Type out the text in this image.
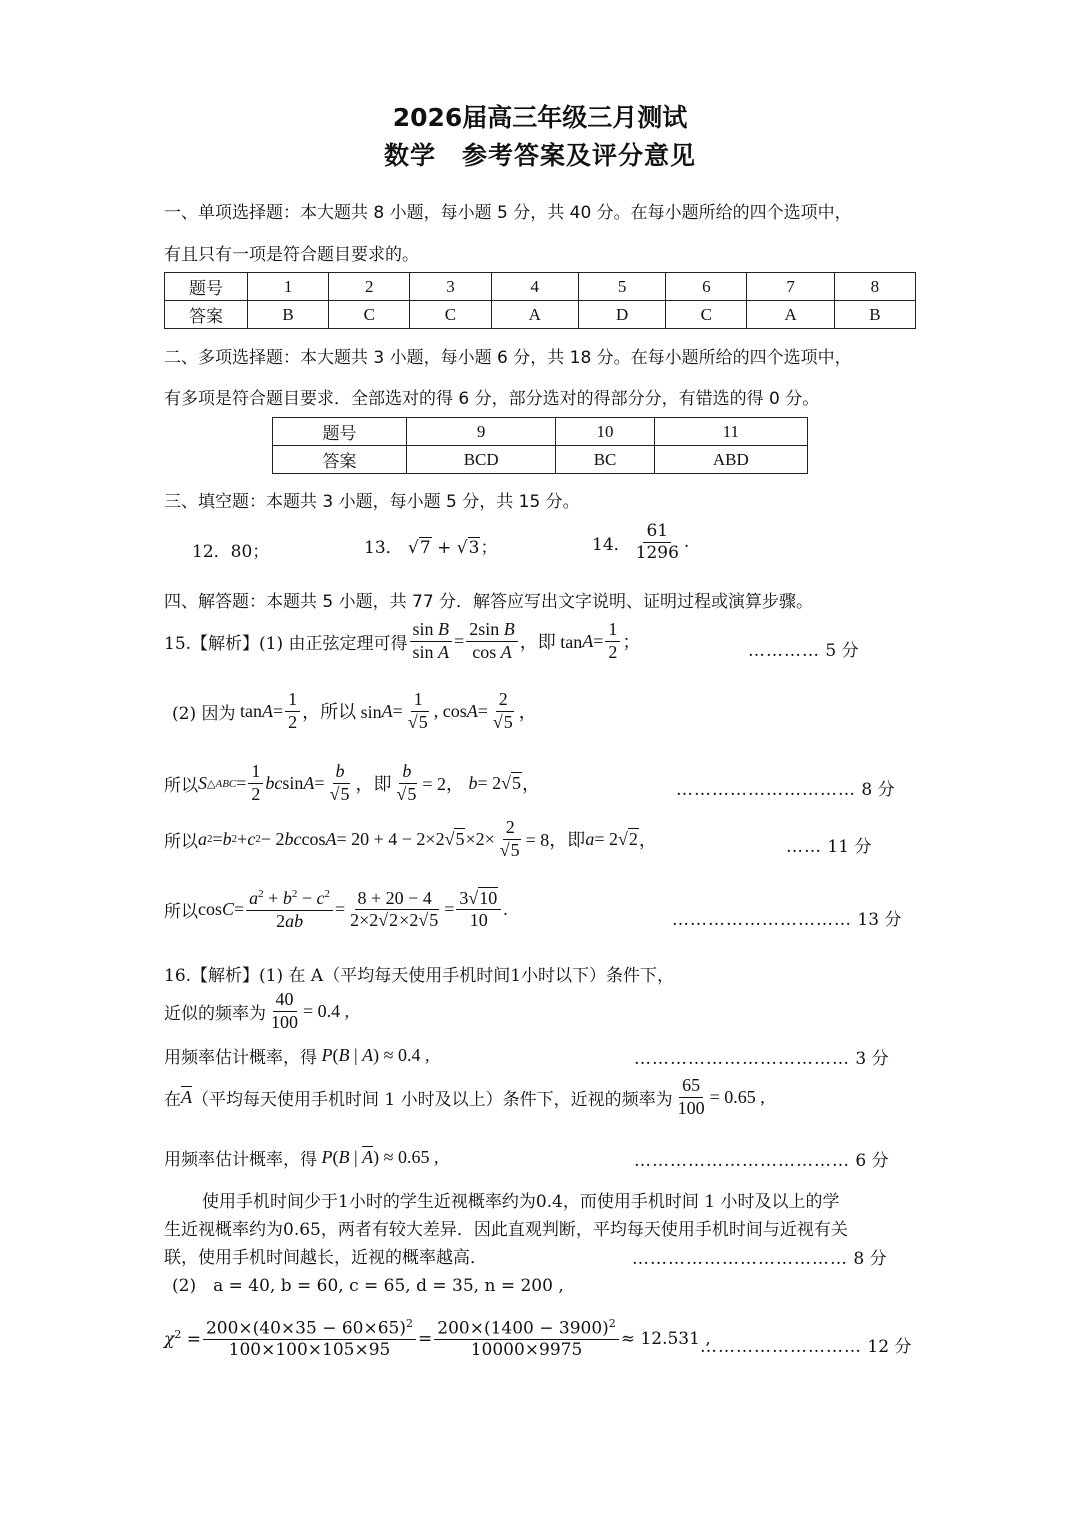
2026届高三年级三月测试
数学　参考答案及评分意见
一、单项选择题：本大题共 8 小题，每小题 5 分，共 40 分。在每小题所给的四个选项中，
有且只有一项是符合题目要求的。
题号	1	2	3	4	5	6	7	8
答案	B	C	C	A	D	C	A	B
二、多项选择题：本大题共 3 小题，每小题 6 分，共 18 分。在每小题所给的四个选项中，
有多项是符合题目要求．全部选对的得 6 分，部分选对的得部分分，有错选的得 0 分。
题号	9	10	11
答案	BCD	BC	ABD
三、填空题：本题共 3 小题，每小题 5 分，共 15 分。
12．80；	13． √7 + √3；	14． $\frac{61}{1296}$ .
四、解答题：本题共 5 小题，共 77 分．解答应写出文字说明、证明过程或演算步骤。
15.【解析】(1) 由正弦定理可得 $\frac{\text{sin B}}{\text{sin A}} = \frac{\text{2sin B}}{\text{cos A}}$ ，即 $\tan A = \frac{1}{2}$ ；	………… 5 分
(2) 因为 $\tan A = \frac{1}{2}$ ，所以 $\sin A = \frac{1}{√5}$ , $\cos A = \frac{2}{√5}$ ，
所以 S △ABC = $\frac{1}{2}$ bc $\sin A = \frac{b}{√5}$ ，即 $\frac{b}{√5} = 2$， b = 2√ 5 ，	………………………… 8 分
所以 a 2 = b 2 + c 2 − 2 bc cos A = 20 + 4 − 2×2√ $5 \times 2\times \frac{2}{√5} = 8$，即 a = 2√ 2 ，	…… 11 分
所以 $\cos C = \frac{a^2 + b^2 - c^2}{2ab} = \frac{8 + 20 - 4}{2\times 2√2\times 2√5} = \frac{3√10}{10}$ .
………………………… 13 分
16.【解析】(1) 在 A（平均每天使用手机时间1小时以下）条件下，
近似的频率为 $\frac{40}{100} = 0.4$ ,
用频率估计概率，得 P(B | A) ≈ 0.4 ,	……………………………… 3 分
在 $\overline{A}$ （平均每天使用手机时间 1 小时及以上）条件下，近视的频率为 $\frac{65}{100} = 0.65$ ,
用频率估计概率，得 P(B | $\overline{A}) \approx 0.65$ ,	……………………………… 6 分
使用手机时间少于1小时的学生近视概率约为0.4，而使用手机时间 1 小时及以上的学
生近视概率约为0.65，两者有较大差异．因此直观判断，平均每天使用手机时间与近视有关
联，使用手机时间越长，近视的概率越高．	……………………………… 8 分
(2)　a = 40, b = 60, c = 65, d = 35, n = 200 ,
$\chi^2 = \frac{200\times(40\times 35 - 60\times 65)^2}{100\times 100\times 105\times 95} = \frac{200\times(1400 - 3900)^2}{10000\times 9975} \approx 12.531$ ,
……………………… 12 分
